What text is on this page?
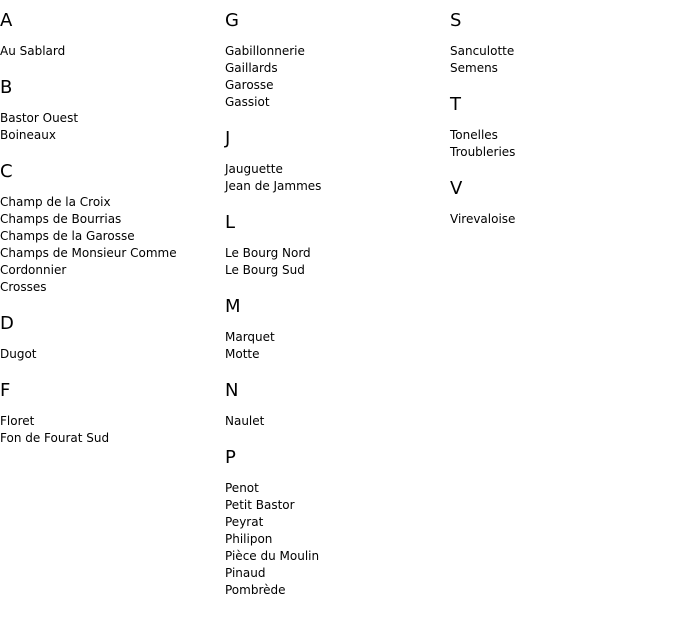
A
Au Sablard
B
Bastor Ouest
Boineaux
C
Champ de la Croix
Champs de Bourrias
Champs de la Garosse
Champs de Monsieur Comme
Cordonnier
Crosses
D
Dugot
F
Floret
Fon de Fourat Sud
G
Gabillonnerie
Gaillards
Garosse
Gassiot
J
Jauguette
Jean de Jammes
L
Le Bourg Nord
Le Bourg Sud
M
Marquet
Motte
N
Naulet
P
Penot
Petit Bastor
Peyrat
Philipon
Pièce du Moulin
Pinaud
Pombrède
S
Sanculotte
Semens
T
Tonelles
Troubleries
V
Virevaloise
